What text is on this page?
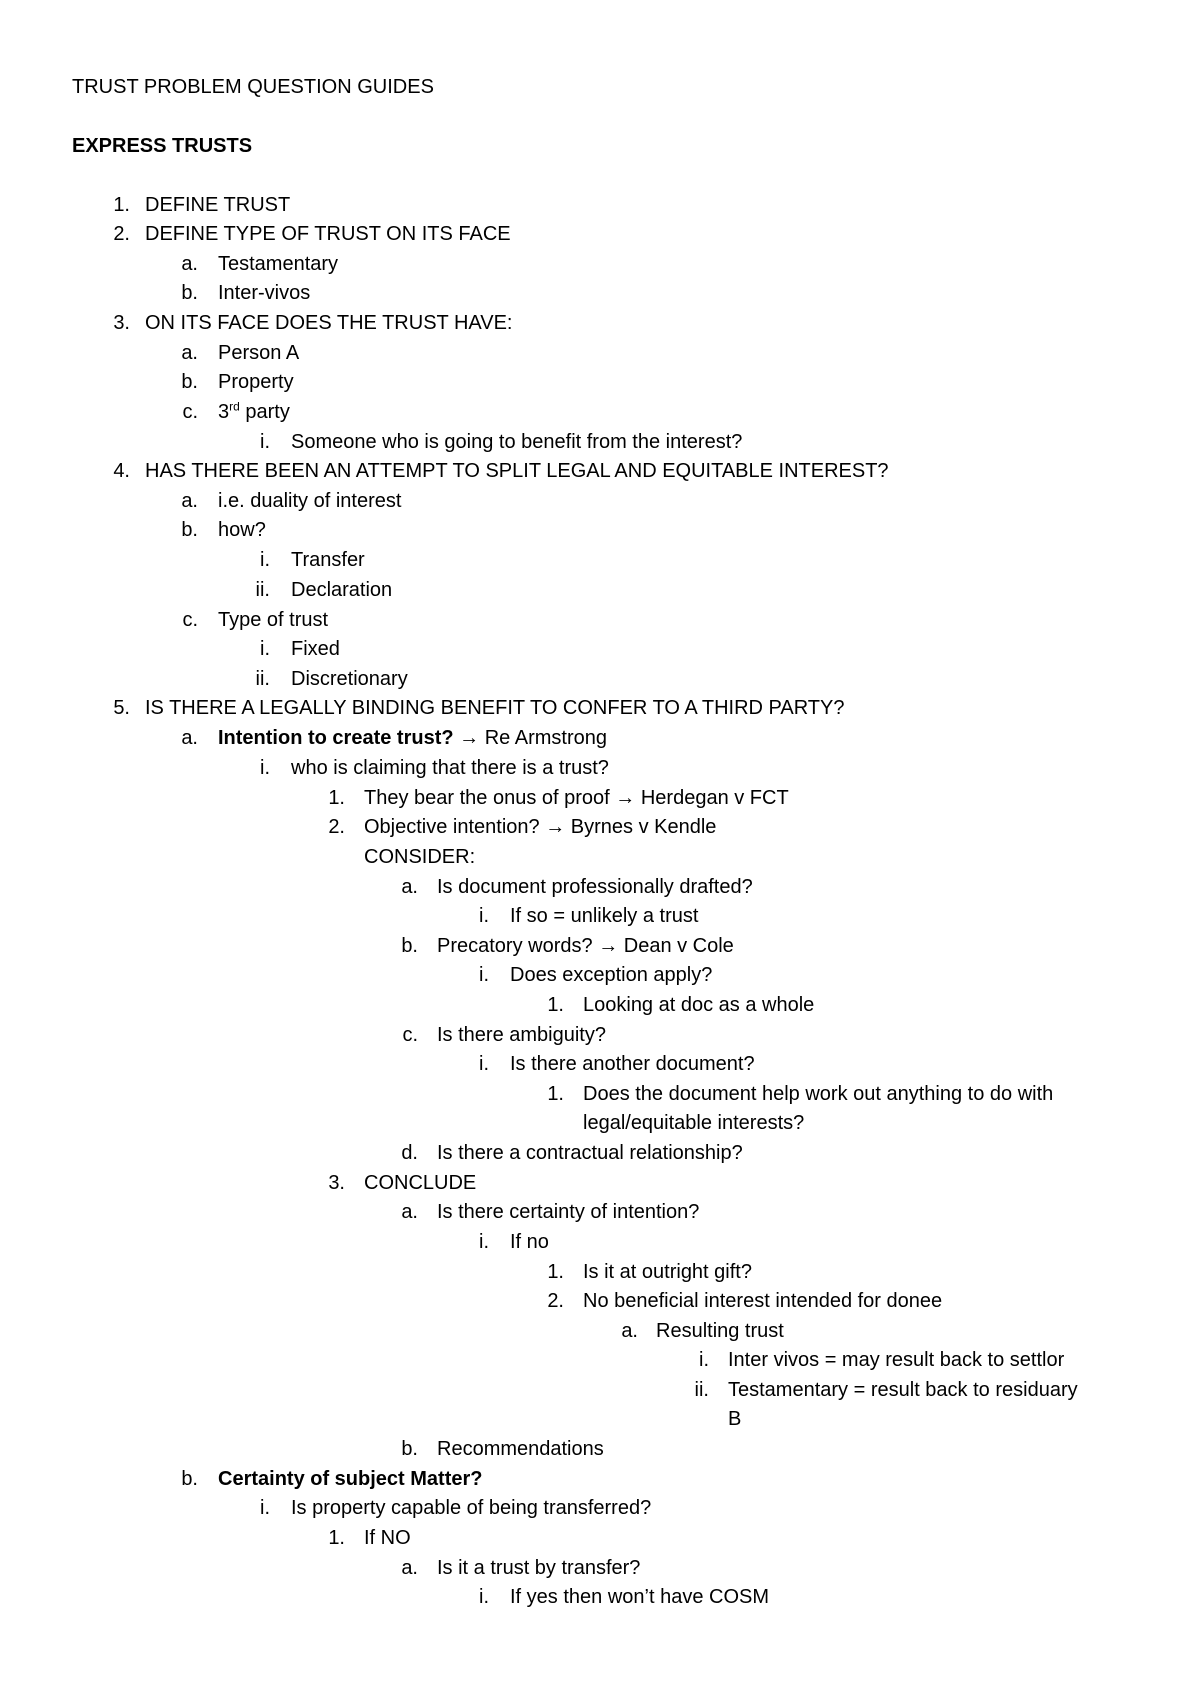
TRUST PROBLEM QUESTION GUIDES
EXPRESS TRUSTS
1. DEFINE TRUST
2. DEFINE TYPE OF TRUST ON ITS FACE
a. Testamentary
b. Inter-vivos
3. ON ITS FACE DOES THE TRUST HAVE:
a. Person A
b. Property
c. 3rd party
i. Someone who is going to benefit from the interest?
4. HAS THERE BEEN AN ATTEMPT TO SPLIT LEGAL AND EQUITABLE INTEREST?
a. i.e. duality of interest
b. how?
i. Transfer
ii. Declaration
c. Type of trust
i. Fixed
ii. Discretionary
5. IS THERE A LEGALLY BINDING BENEFIT TO CONFER TO A THIRD PARTY?
a. Intention to create trust? → Re Armstrong
i. who is claiming that there is a trust?
1. They bear the onus of proof → Herdegan v FCT
2. Objective intention? → Byrnes v Kendle
CONSIDER:
a. Is document professionally drafted?
i. If so = unlikely a trust
b. Precatory words? → Dean v Cole
i. Does exception apply?
1. Looking at doc as a whole
c. Is there ambiguity?
i. Is there another document?
1. Does the document help work out anything to do with
legal/equitable interests?
d. Is there a contractual relationship?
3. CONCLUDE
a. Is there certainty of intention?
i. If no
1. Is it at outright gift?
2. No beneficial interest intended for donee
a. Resulting trust
i. Inter vivos = may result back to settlor
ii. Testamentary = result back to residuary
B
b. Recommendations
b. Certainty of subject Matter?
i. Is property capable of being transferred?
1. If NO
a. Is it a trust by transfer?
i. If yes then won’t have COSM
